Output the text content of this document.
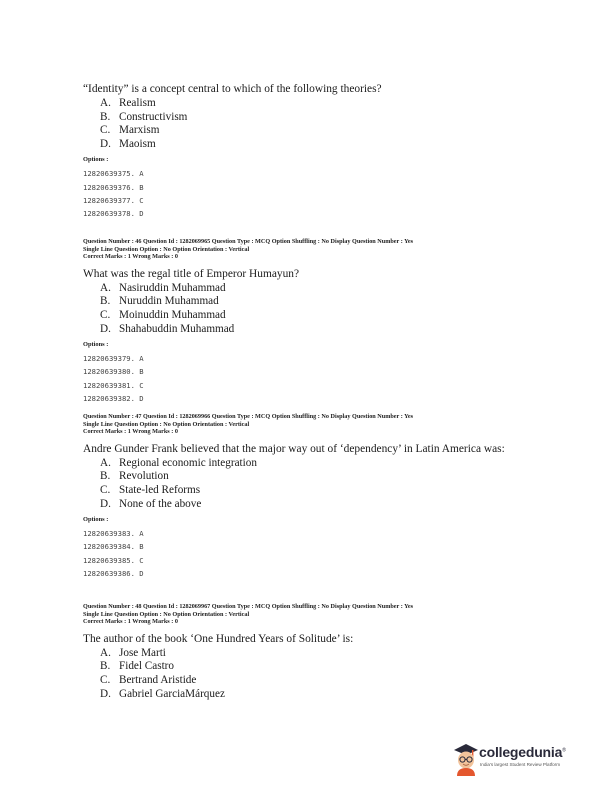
“Identity” is a concept central to which of the following theories?
A. Realism
B. Constructivism
C. Marxism
D. Maoism
Options :
12820639375. A
12820639376. B
12820639377. C
12820639378. D
Question Number : 46 Question Id : 1282069965 Question Type : MCQ Option Shuffling : No Display Question Number : Yes
Single Line Question Option : No Option Orientation : Vertical
Correct Marks : 1 Wrong Marks : 0
What was the regal title of Emperor Humayun?
A. Nasiruddin Muhammad
B. Nuruddin Muhammad
C. Moinuddin Muhammad
D. Shahabuddin Muhammad
Options :
12820639379. A
12820639380. B
12820639381. C
12820639382. D
Question Number : 47 Question Id : 1282069966 Question Type : MCQ Option Shuffling : No Display Question Number : Yes
Single Line Question Option : No Option Orientation : Vertical
Correct Marks : 1 Wrong Marks : 0
Andre Gunder Frank believed that the major way out of ‘dependency’ in Latin America was:
A. Regional economic integration
B. Revolution
C. State-led Reforms
D. None of the above
Options :
12820639383. A
12820639384. B
12820639385. C
12820639386. D
Question Number : 48 Question Id : 1282069967 Question Type : MCQ Option Shuffling : No Display Question Number : Yes
Single Line Question Option : No Option Orientation : Vertical
Correct Marks : 1 Wrong Marks : 0
The author of the book ‘One Hundred Years of Solitude’ is:
A. Jose Marti
B. Fidel Castro
C. Bertrand Aristide
D. Gabriel GarciaMárquez
collegedunia®
India's largest Student Review Platform
